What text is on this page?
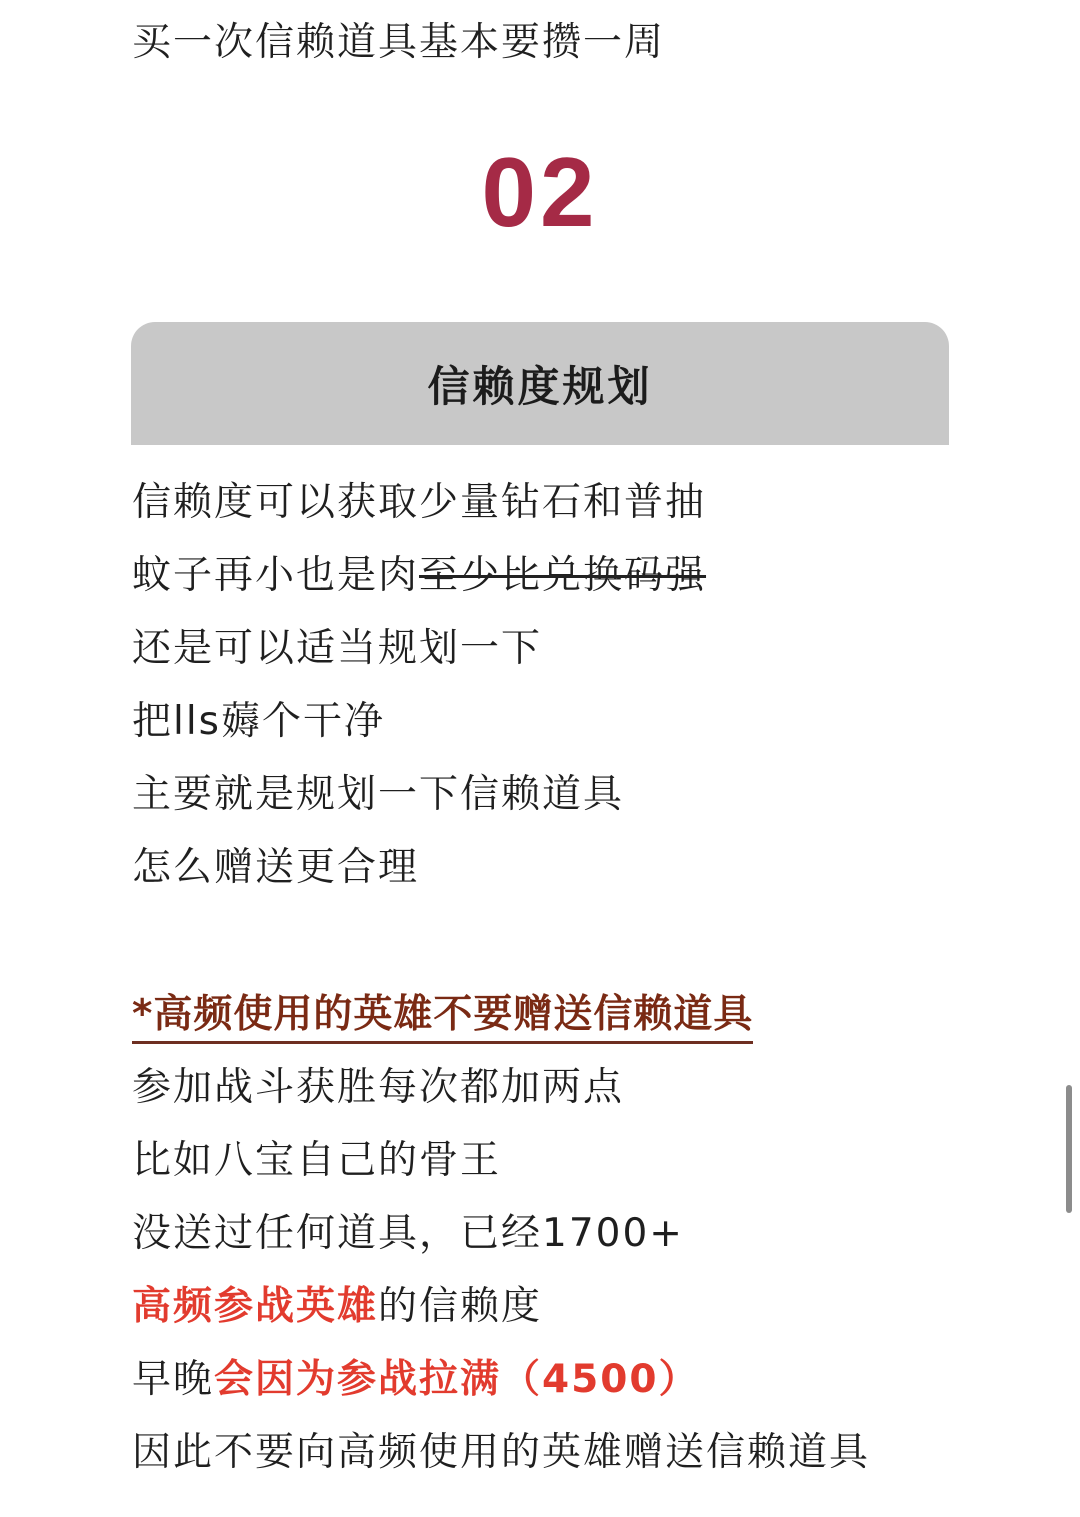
买一次信赖道具基本要攒一周
02
信赖度规划
信赖度可以获取少量钻石和普抽
蚊子再小也是肉至少比兑换码强
还是可以适当规划一下
把lls薅个干净
主要就是规划一下信赖道具
怎么赠送更合理
*高频使用的英雄不要赠送信赖道具
参加战斗获胜每次都加两点
比如八宝自己的骨王
没送过任何道具，已经1700+
高频参战英雄的信赖度
早晚会因为参战拉满（4500）
因此不要向高频使用的英雄赠送信赖道具
